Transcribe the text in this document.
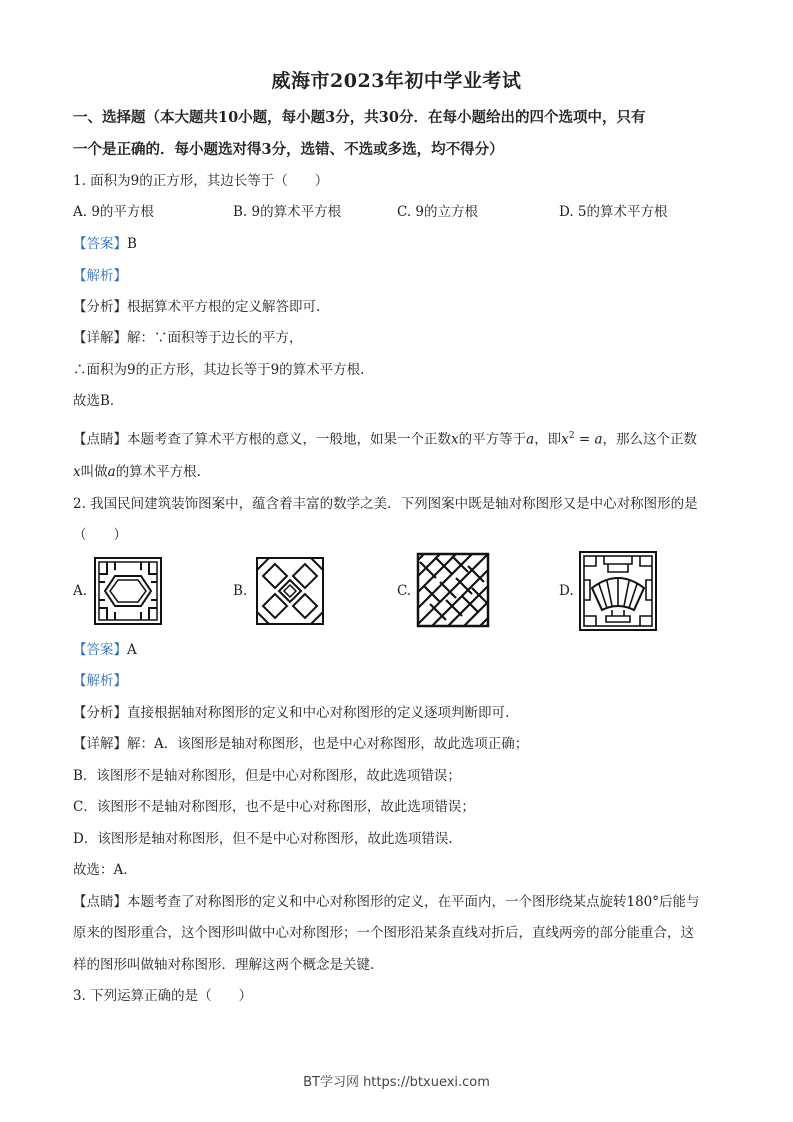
威海市2023年初中学业考试
一、选择题（本大题共10小题，每小题3分，共30分．在每小题给出的四个选项中，只有
一个是正确的．每小题选对得3分，选错、不选或多选，均不得分）
1. 面积为9的正方形，其边长等于（　　）
A. 9的平方根	B. 9的算术平方根	C. 9的立方根	D. 5的算术平方根
【答案】B
【解析】
【分析】根据算术平方根的定义解答即可.
【详解】解：∵面积等于边长的平方，
∴面积为9的正方形，其边长等于9的算术平方根.
故选B．
【点睛】本题考查了算术平方根的意义，一般地，如果一个正数x的平方等于a，即$x^2 = a$，那么这个正数
x叫做a的算术平方根.
2. 我国民间建筑装饰图案中，蕴含着丰富的数学之美．下列图案中既是轴对称图形又是中心对称图形的是
（　　）
A.	B.	C.	D.
【答案】A
【解析】
【分析】直接根据轴对称图形的定义和中心对称图形的定义逐项判断即可.
【详解】解：A．该图形是轴对称图形，也是中心对称图形，故此选项正确；
B．该图形不是轴对称图形，但是中心对称图形，故此选项错误；
C．该图形不是轴对称图形，也不是中心对称图形，故此选项错误；
D．该图形是轴对称图形，但不是中心对称图形，故此选项错误.
故选：A．
【点睛】本题考查了对称图形的定义和中心对称图形的定义，在平面内，一个图形绕某点旋转180°后能与
原来的图形重合，这个图形叫做中心对称图形；一个图形沿某条直线对折后，直线两旁的部分能重合，这
样的图形叫做轴对称图形．理解这两个概念是关键.
3. 下列运算正确的是（　　）
BT学习网 https://btxuexi.com
